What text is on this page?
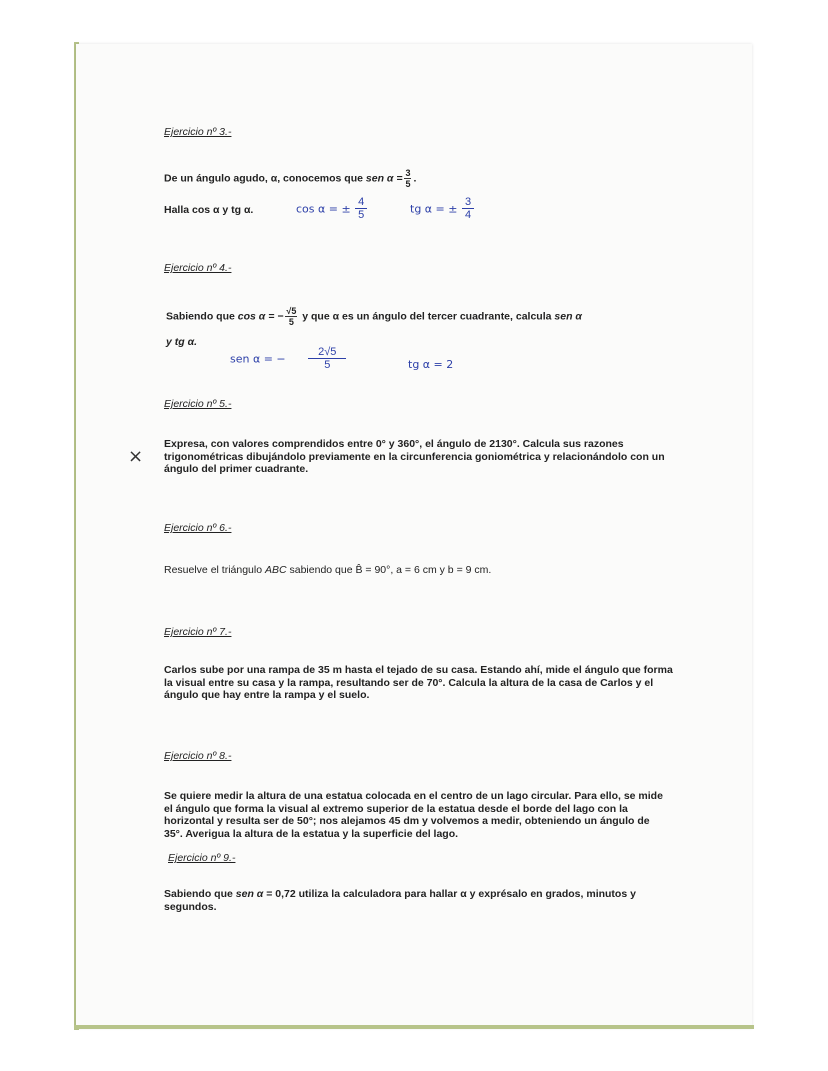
Ejercicio nº 3.-
De un ángulo agudo, α, conocemos que sen $\alpha = \frac{3}{5}$ .
Halla cos α y tg α.	cos α = ± $\frac{4}{5}$	tg α = ± $\frac{3}{4}$
Ejercicio nº 4.-
Sabiendo que cos α = − $\frac{√5}{5}$ y que α es un ángulo del tercer cuadrante, calcula sen α
y tg α.
sen α = − $\frac{2√5}{5}$	tg α = 2
Ejercicio nº 5.-
×
Expresa, con valores comprendidos entre 0° y 360°, el ángulo de 2130°. Calcula sus razones trigonométricas dibujándolo previamente en la circunferencia goniométrica y relacionándolo con un ángulo del primer cuadrante.
Ejercicio nº 6.-
Resuelve el triángulo ABC sabiendo que B̂ = 90°, a = 6 cm y b = 9 cm.
Ejercicio nº 7.-
Carlos sube por una rampa de 35 m hasta el tejado de su casa. Estando ahí, mide el ángulo que forma la visual entre su casa y la rampa, resultando ser de 70°. Calcula la altura de la casa de Carlos y el ángulo que hay entre la rampa y el suelo.
Ejercicio nº 8.-
Se quiere medir la altura de una estatua colocada en el centro de un lago circular. Para ello, se mide el ángulo que forma la visual al extremo superior de la estatua desde el borde del lago con la horizontal y resulta ser de 50°; nos alejamos 45 dm y volvemos a medir, obteniendo un ángulo de 35°. Averigua la altura de la estatua y la superficie del lago.
Ejercicio nº 9.-
Sabiendo que sen α = 0,72 utiliza la calculadora para hallar α y exprésalo en grados, minutos y segundos.
